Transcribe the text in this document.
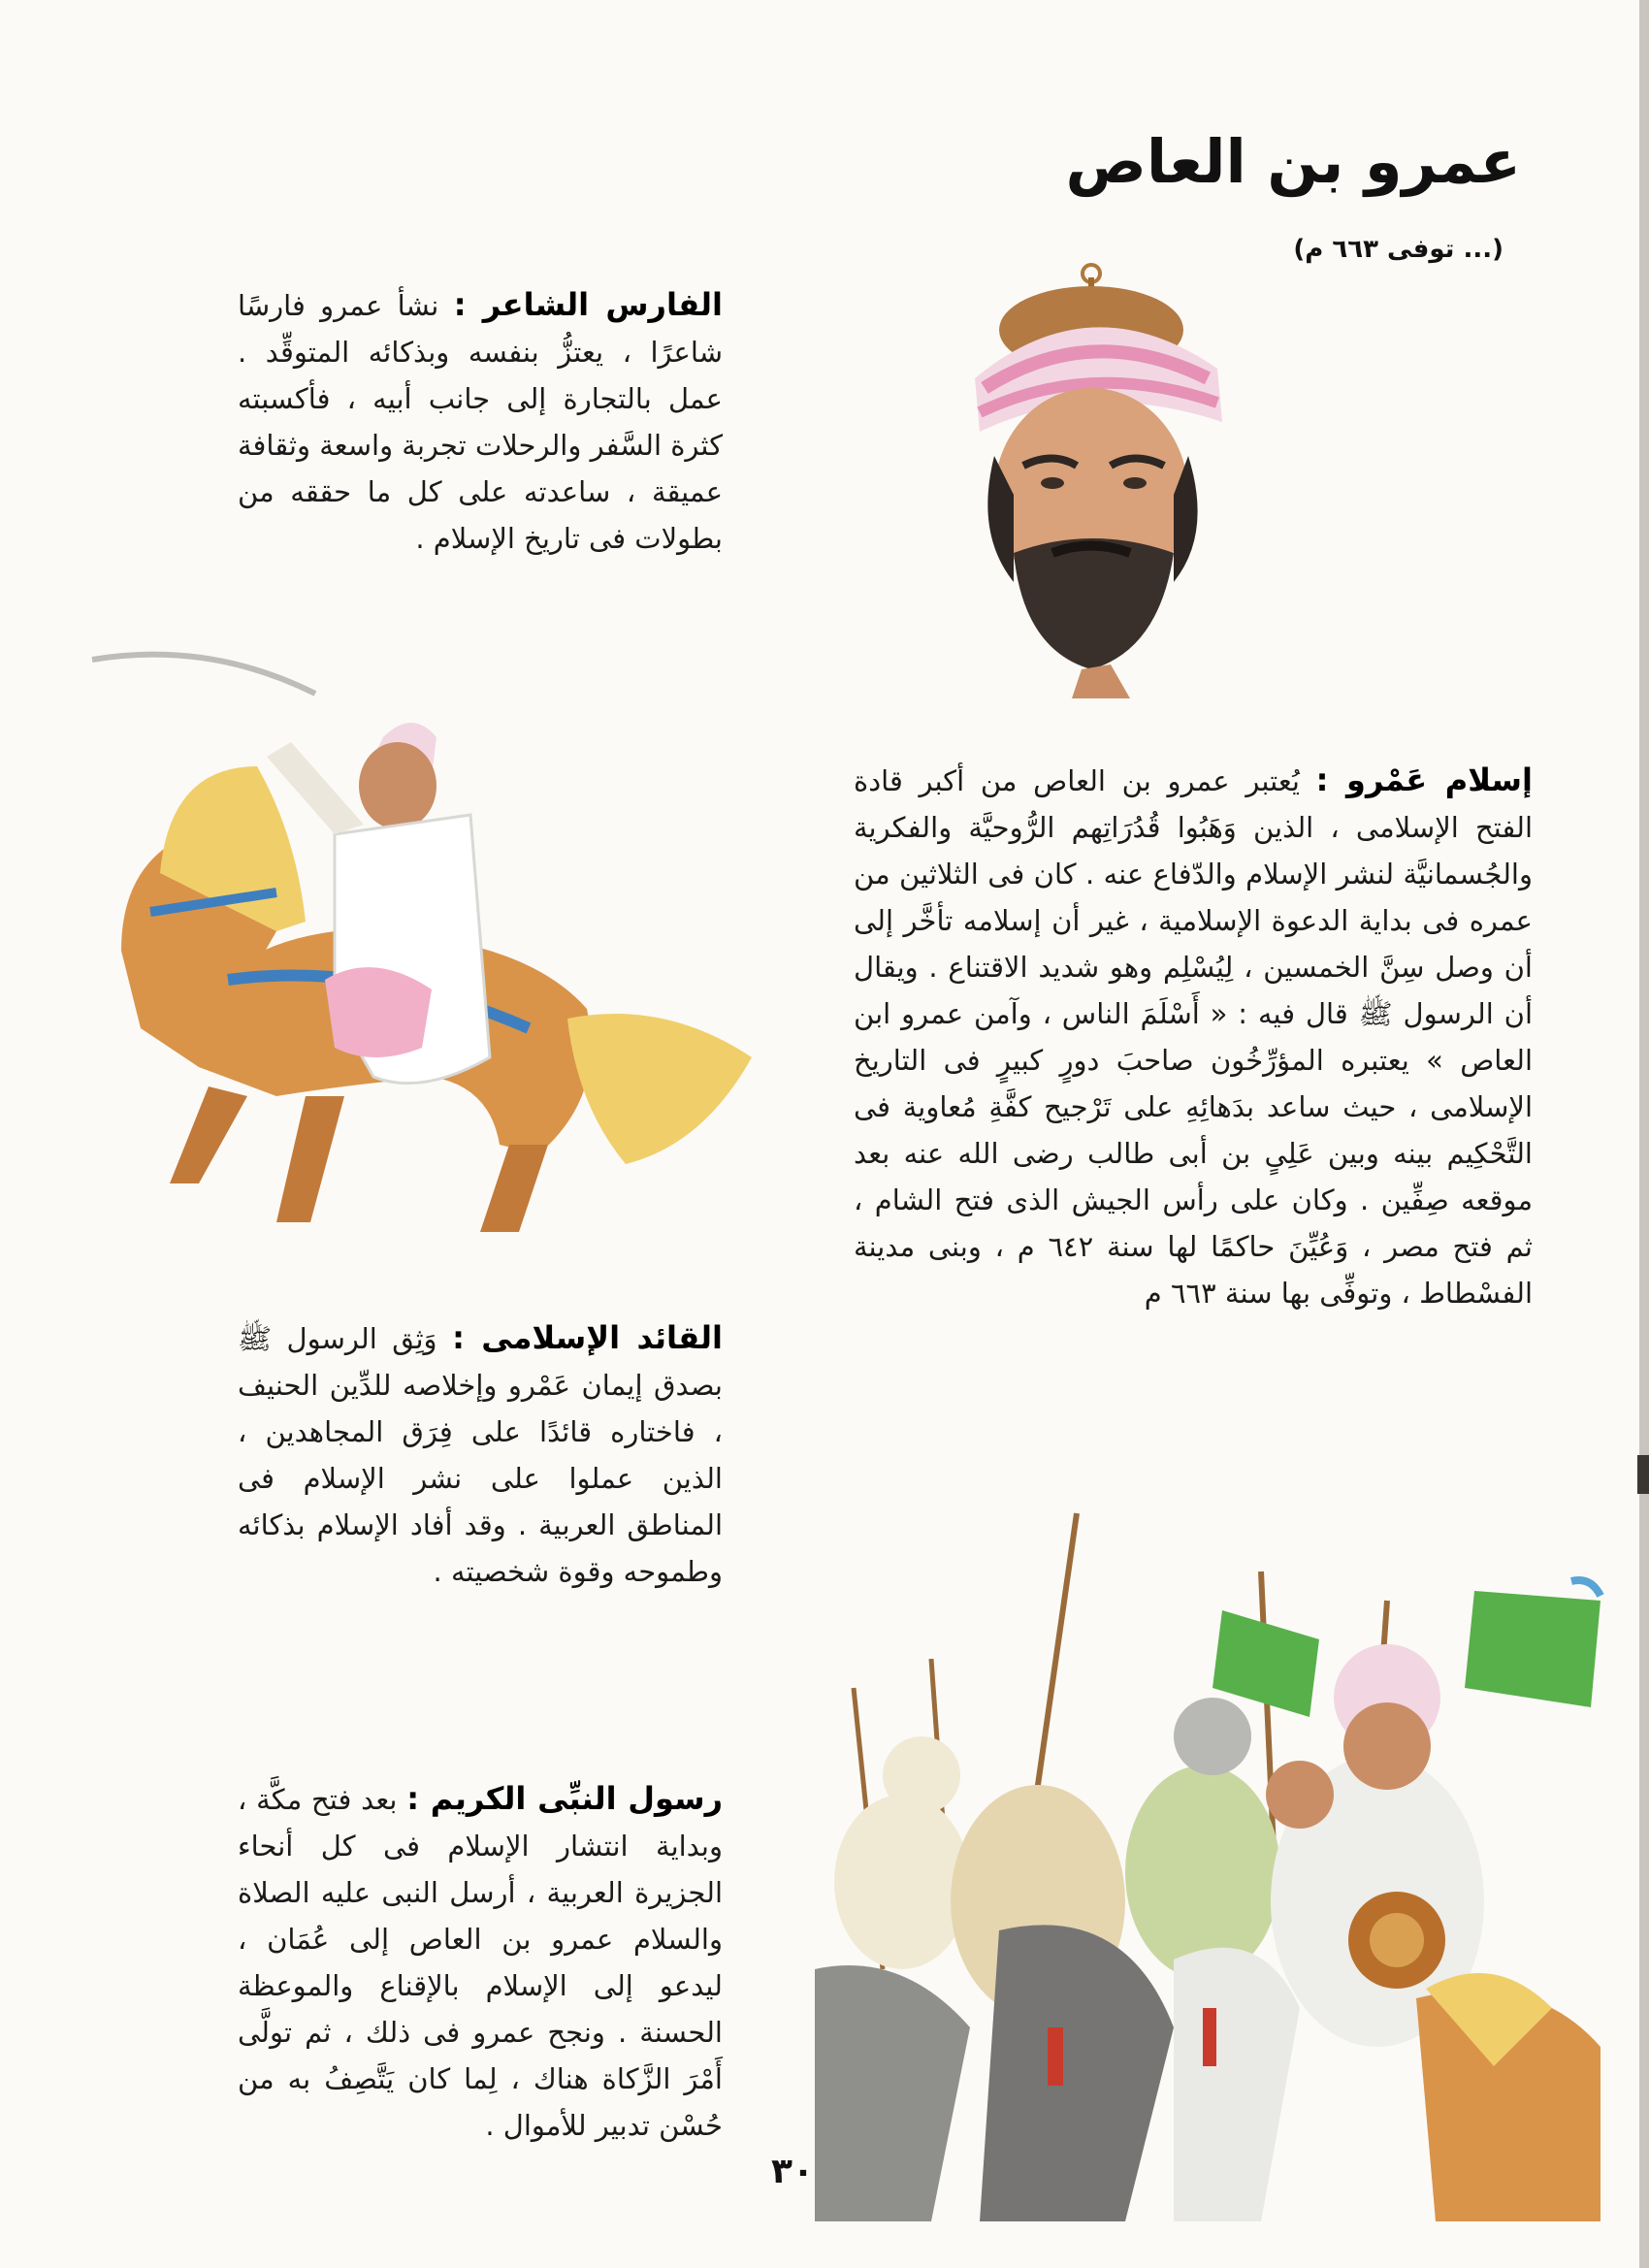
عمرو بن العاص
(... توفى ٦٦٣ م)

الفارس الشاعر : نشأ عمرو فارسًا شاعرًا ، يعتزُّ بنفسه وبذكائه المتوقِّد . عمل بالتجارة إلى جانب أبيه ، فأكسبته كثرة السَّفر والرحلات تجربة واسعة وثقافة عميقة ، ساعدته على كل ما حققه من بطولات فى تاريخ الإسلام .

إسلام عَمْرو : يُعتبر عمرو بن العاص من أكبر قادة الفتح الإسلامى ، الذين وَهَبُوا قُدُرَاتِهم الرُّوحيَّة والفكرية والجُسمانيَّة لنشر الإسلام والدّفاع عنه . كان فى الثلاثين من عمره فى بداية الدعوة الإسلامية ، غير أن إسلامه تأخَّر إلى أن وصل سِنَّ الخمسين ، لِيُسْلِم وهو شديد الاقتناع . ويقال أن الرسول ﷺ قال فيه : « أَسْلَمَ الناس ، وآمن عمرو ابن العاص » يعتبره المؤرِّخُون صاحبَ دورٍ كبيرٍ فى التاريخ الإسلامى ، حيث ساعد بدَهائِهِ على تَرْجيح كفَّةِ مُعاوية فى التَّحْكِيم بينه وبين عَلِىٍ بن أبى طالب رضى الله عنه بعد موقعه صِفِّين . وكان على رأس الجيش الذى فتح الشام ، ثم فتح مصر ، وَعُيِّنَ حاكمًا لها سنة ٦٤٢ م ، وبنى مدينة الفسْطاط ، وتوفِّى بها سنة ٦٦٣ م

القائد الإسلامى : وَثِق الرسول ﷺ بصدق إيمان عَمْرو وإخلاصه للدِّين الحنيف ، فاختاره قائدًا على فِرَق المجاهدين ، الذين عملوا على نشر الإسلام فى المناطق العربية . وقد أفاد الإسلام بذكائه وطموحه وقوة شخصيته .

رسول النبِّى الكريم : بعد فتح مكَّة ، وبداية انتشار الإسلام فى كل أنحاء الجزيرة العربية ، أرسل النبى عليه الصلاة والسلام عمرو بن العاص إلى عُمَان ، ليدعو إلى الإسلام بالإقناع والموعظة الحسنة . ونجح عمرو فى ذلك ، ثم تولَّى أَمْرَ الزَّكاة هناك ، لِما كان يَتَّصِفُ به من حُسْن تدبير للأموال .

٣٠
